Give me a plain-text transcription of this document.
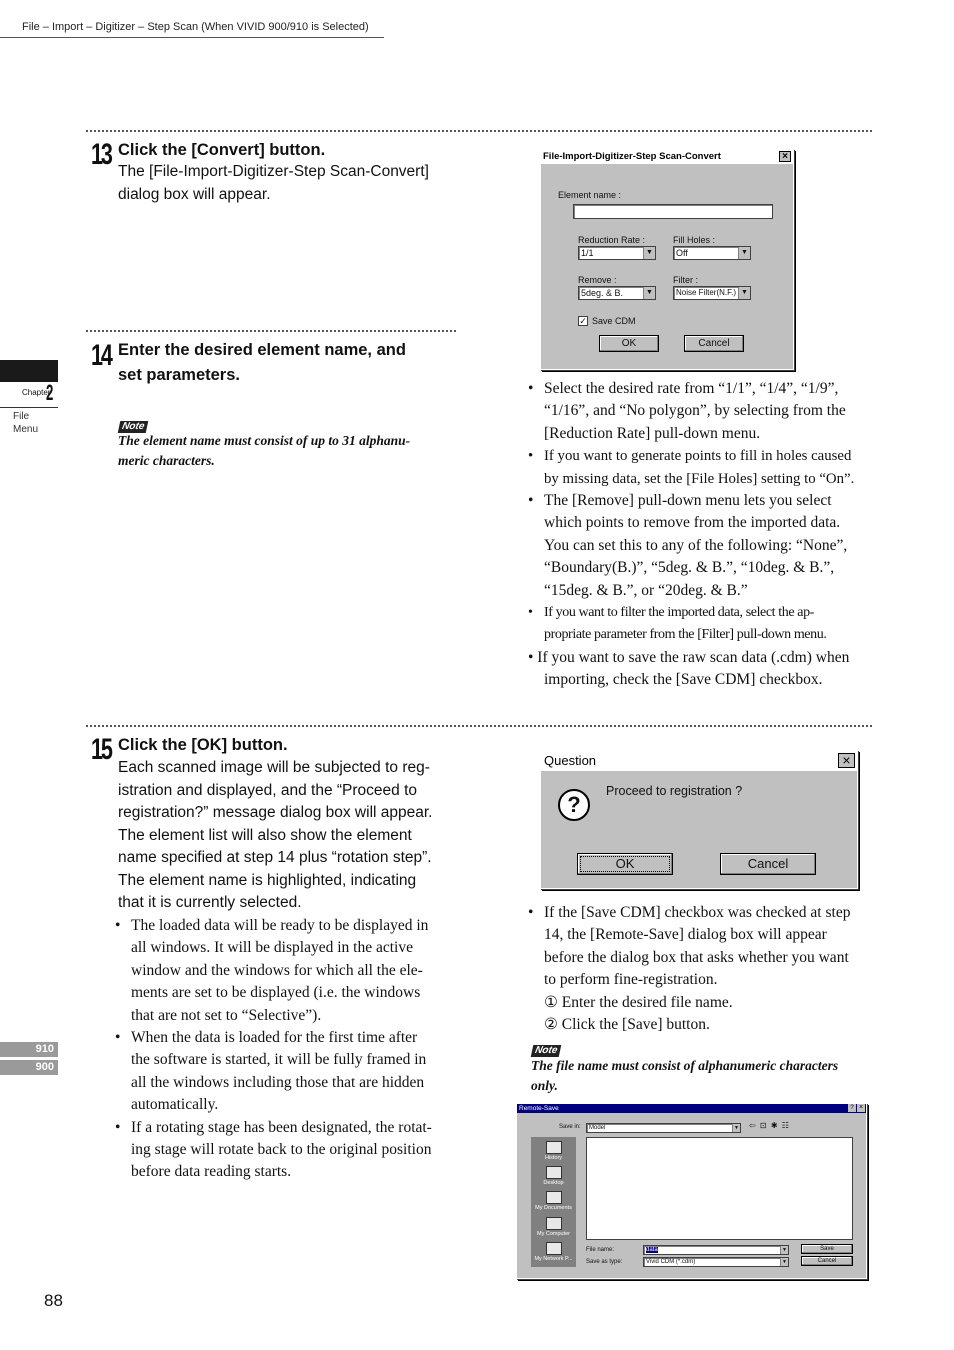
File – Import – Digitizer – Step Scan (When VIVID 900/910 is Selected)
Chapter
2
File
Menu
910
900
13 Click the [Convert] button.
The [File-Import-Digitizer-Step Scan-Convert]
dialog box will appear.
File-Import-Digitizer-Step Scan-Convert	×
Element name :
Reduction Rate :
1/1	▼
Fill Holes :
Off	▼
Remove :
5deg. & B.	▼
Filter :
Noise Filter(N.F.) ▼
✓ Save CDM
OK	Cancel
14 Enter the desired element name, and
set parameters.
Note
The element name must consist of up to 31 alphanu-
meric characters.
• Select the desired rate from “1/1”, “1/4”, “1/9”,
“1/16”, and “No polygon”, by selecting from the
[Reduction Rate] pull-down menu.
• If you want to generate points to fill in holes caused
by missing data, set the [File Holes] setting to “On”.
• The [Remove] pull-down menu lets you select
which points to remove from the imported data.
You can set this to any of the following: “None”,
“Boundary(B.)”, “5deg. & B.”, “10deg. & B.”,
“15deg. & B.”, or “20deg. & B.”
• If you want to filter the imported data, select the ap-
propriate parameter from the [Filter] pull-down menu.
• If you want to save the raw scan data (.cdm) when
importing, check the [Save CDM] checkbox.
15 Click the [OK] button.
Each scanned image will be subjected to reg-
istration and displayed, and the “Proceed to
registration?” message dialog box will appear.
The element list will also show the element
name specified at step 14 plus “rotation step”.
The element name is highlighted, indicating
that it is currently selected.
• The loaded data will be ready to be displayed in
all windows. It will be displayed in the active
window and the windows for which all the ele-
ments are set to be displayed (i.e. the windows
that are not set to “Selective”).
• When the data is loaded for the first time after
the software is started, it will be fully framed in
all the windows including those that are hidden
automatically.
• If a rotating stage has been designated, the rotat-
ing stage will rotate back to the original position
before data reading starts.
Question	×
?
Proceed to registration ?
OK	Cancel
• If the [Save CDM] checkbox was checked at step
14, the [Remote-Save] dialog box will appear
before the dialog box that asks whether you want
to perform fine-registration.
① Enter the desired file name.
② Click the [Save] button.
Note
The file name must consist of alphanumeric characters
only.
Remote-Save	? ×
Save in:	Model	▼ ⇦ ⊡ ✱ ☷
History
Desktop
My Documents
My Computer
My Network P...
File name:	data	▼
Save as type:	Vivid CDM (*.cdm)	▼
Save
Cancel
88
